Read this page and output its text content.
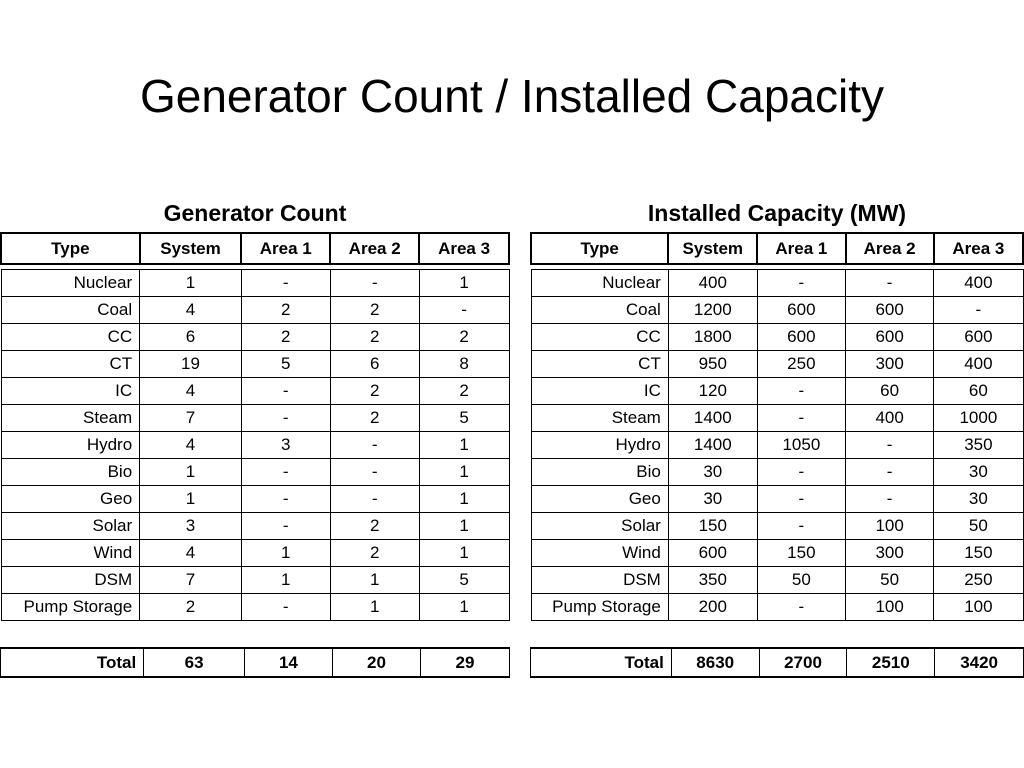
Generator Count / Installed Capacity
Generator Count
Type	System	Area 1	Area 2	Area 3

Nuclear	1	-	-	1
Coal	4	2	2	-
CC	6	2	2	2
CT	19	5	6	8
IC	4	-	2	2
Steam	7	-	2	5
Hydro	4	3	-	1
Bio	1	-	-	1
Geo	1	-	-	1
Solar	3	-	2	1
Wind	4	1	2	1
DSM	7	1	1	5
Pump Storage	2	-	1	1
Total	63	14	20	29
Installed Capacity (MW)
Type	System	Area 1	Area 2	Area 3

Nuclear	400	-	-	400
Coal	1200	600	600	-
CC	1800	600	600	600
CT	950	250	300	400
IC	120	-	60	60
Steam	1400	-	400	1000
Hydro	1400	1050	-	350
Bio	30	-	-	30
Geo	30	-	-	30
Solar	150	-	100	50
Wind	600	150	300	150
DSM	350	50	50	250
Pump Storage	200	-	100	100
Total	8630	2700	2510	3420
